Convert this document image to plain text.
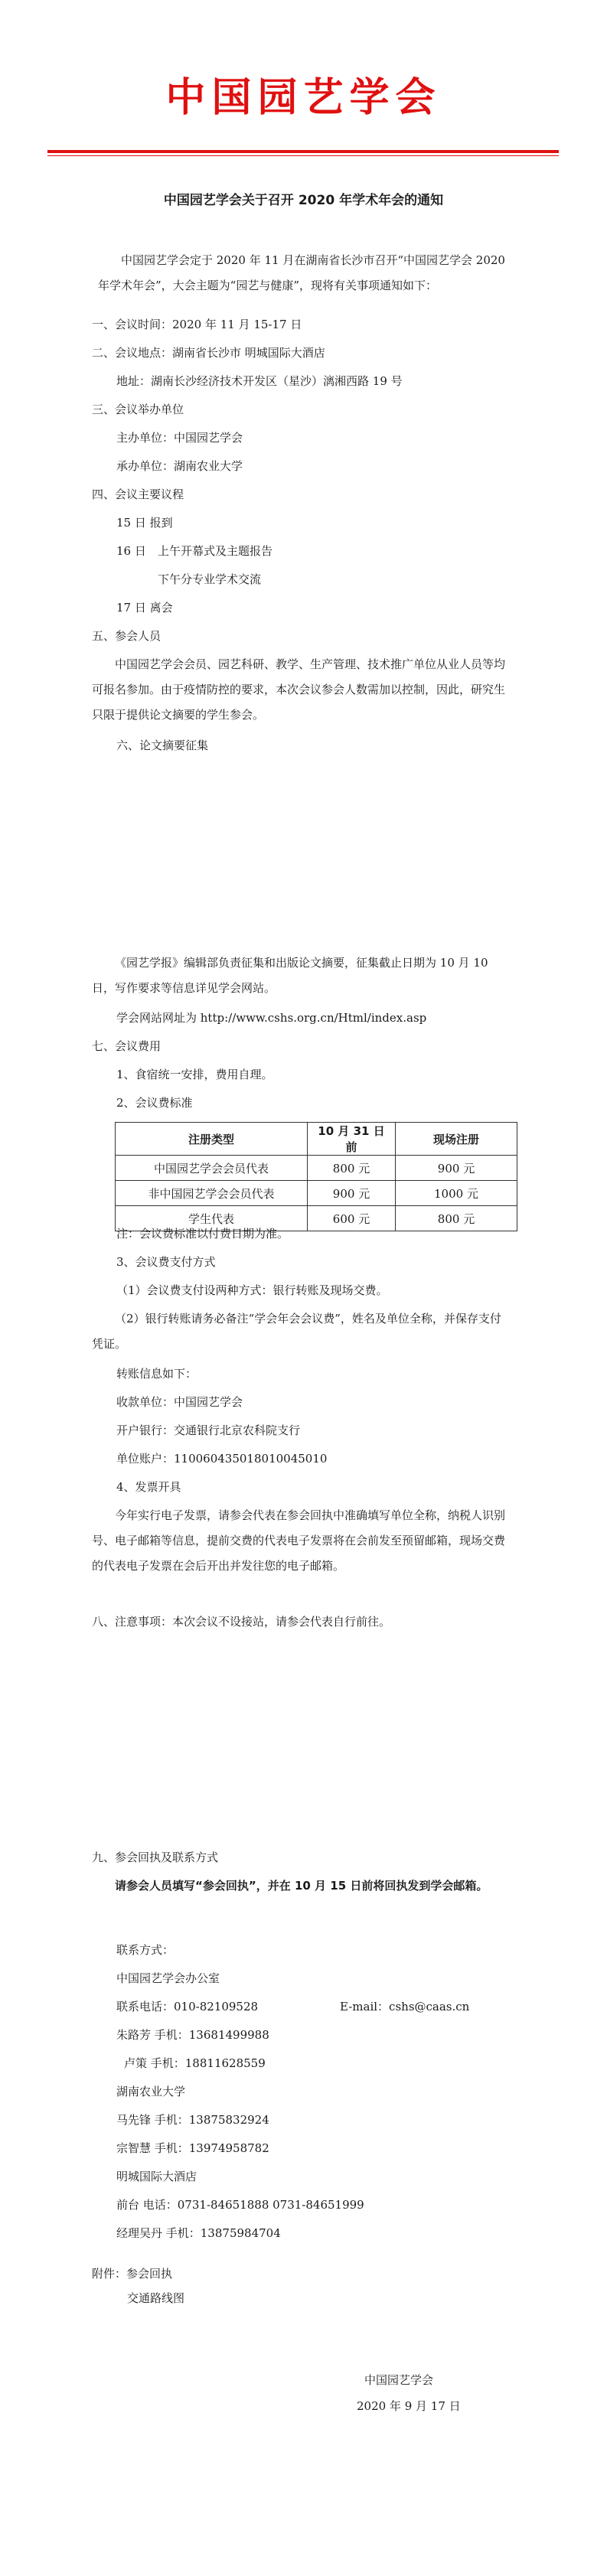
中国园艺学会
中国园艺学会关于召开 2020 年学术年会的通知
中国园艺学会定于 2020 年 11 月在湖南省长沙市召开“中国园艺学会 2020 年学术年会”，大会主题为“园艺与健康”，现将有关事项通知如下：
一、会议时间：2020 年 11 月 15-17 日
二、会议地点：湖南省长沙市 明城国际大酒店
地址：湖南长沙经济技术开发区（星沙）漓湘西路 19 号
三、会议举办单位
主办单位：中国园艺学会
承办单位：湖南农业大学
四、会议主要议程
15 日 报到
16 日 上午开幕式及主题报告
下午分专业学术交流
17 日 离会
五、参会人员
中国园艺学会会员、园艺科研、教学、生产管理、技术推广单位从业人员等均可报名参加。由于疫情防控的要求，本次会议参会人数需加以控制，因此，研究生只限于提供论文摘要的学生参会。
六、论文摘要征集
《园艺学报》编辑部负责征集和出版论文摘要，征集截止日期为 10 月 10 日，写作要求等信息详见学会网站。
学会网站网址为 http://www.cshs.org.cn/Html/index.asp
七、会议费用
1、食宿统一安排，费用自理。
2、会议费标准
注册类型	10 月 31 日前	现场注册
中国园艺学会会员代表	800 元	900 元
非中国园艺学会会员代表	900 元	1000 元
学生代表	600 元	800 元
注：会议费标准以付费日期为准。
3、会议费支付方式
（1）会议费支付设两种方式：银行转账及现场交费。
（2）银行转账请务必备注“学会年会会议费”，姓名及单位全称，并保存支付凭证。
转账信息如下：
收款单位：中国园艺学会
开户银行：交通银行北京农科院支行
单位账户：110060435018010045010
4、发票开具
今年实行电子发票，请参会代表在参会回执中准确填写单位全称，纳税人识别号、电子邮箱等信息，提前交费的代表电子发票将在会前发至预留邮箱，现场交费的代表电子发票在会后开出并发往您的电子邮箱。
八、注意事项：本次会议不设接站，请参会代表自行前往。
九、参会回执及联系方式
请参会人员填写“参会回执”，并在 10 月 15 日前将回执发到学会邮箱。
联系方式：
中国园艺学会办公室
联系电话：010-82109528	E-mail：cshs@caas.cn
朱路芳 手机：13681499988
卢策 手机：18811628559
湖南农业大学
马先锋 手机：13875832924
宗智慧 手机：13974958782
明城国际大酒店
前台 电话：0731-84651888 0731-84651999
经理吴丹 手机：13875984704
附件：参会回执
交通路线图
中国园艺学会
2020 年 9 月 17 日
